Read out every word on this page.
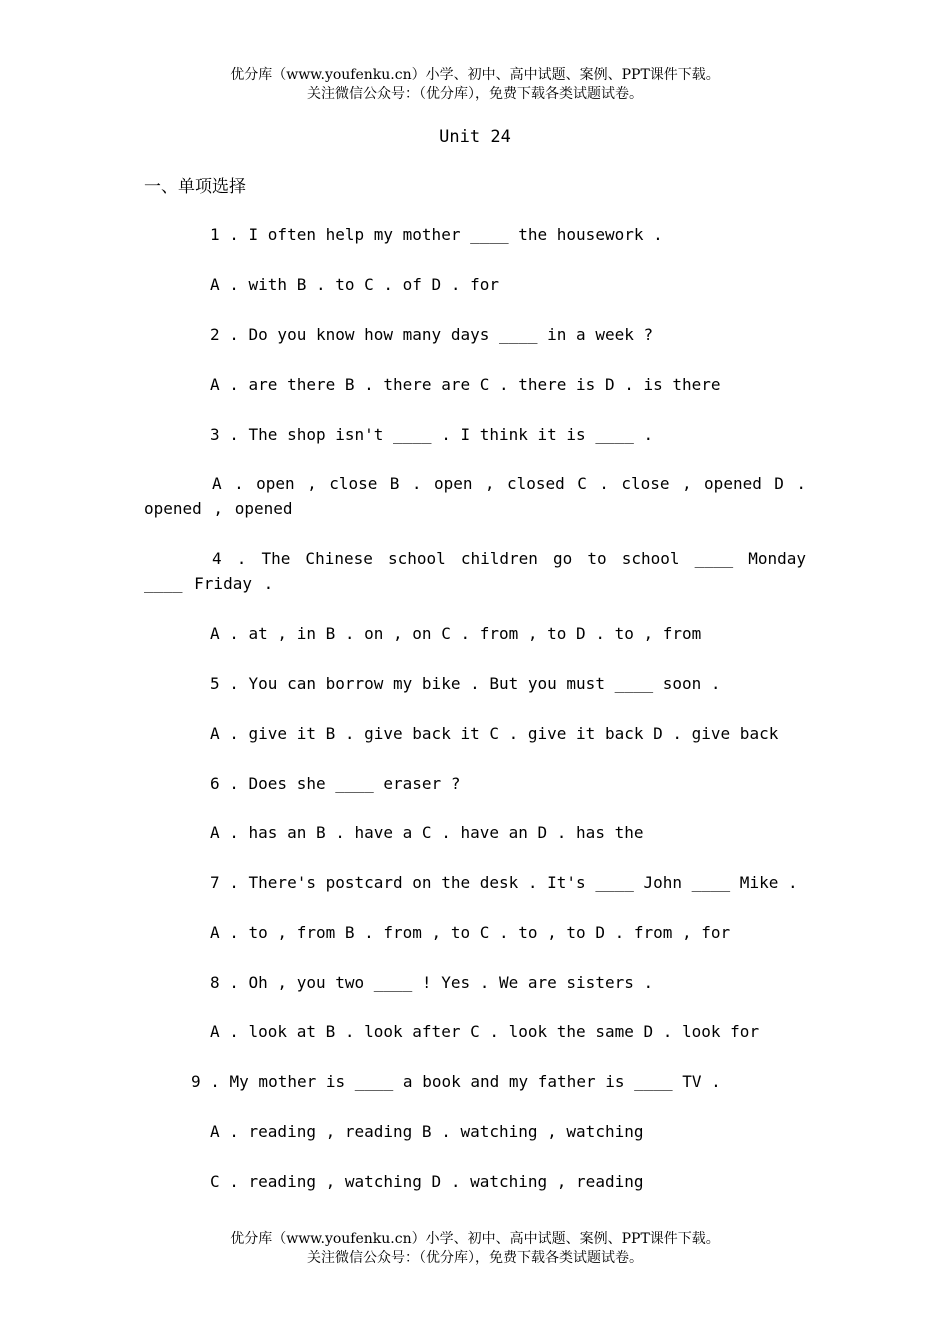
优分库（www.youfenku.cn）小学、初中、高中试题、案例、PPT课件下载。
关注微信公众号：（优分库），免费下载各类试题试卷。
Unit 24
一、单项选择
1 . I often help my mother ____ the housework .
A . with B . to C . of D . for
2 . Do you know how many days ____ in a week ?
A . are there B . there are C . there is D . is there
3 . The shop isn't ____ . I think it is ____ .
A . open , close B . open , closed C . close , opened D . opened , opened
4 . The Chinese school children go to school ____ Monday ____ Friday .
A . at , in B . on , on C . from , to D . to , from
5 . You can borrow my bike . But you must ____ soon .
A . give it B . give back it C . give it back D . give back
6 . Does she ____ eraser ?
A . has an B . have a C . have an D . has the
7 . There's postcard on the desk . It's ____ John ____ Mike .
A . to , from B . from , to C . to , to D . from , for
8 . Oh , you two ____ ! Yes . We are sisters .
A . look at B . look after C . look the same D . look for
9 . My mother is ____ a book and my father is ____ TV .
A . reading , reading B . watching , watching
C . reading , watching D . watching , reading
优分库（www.youfenku.cn）小学、初中、高中试题、案例、PPT课件下载。
关注微信公众号：（优分库），免费下载各类试题试卷。
